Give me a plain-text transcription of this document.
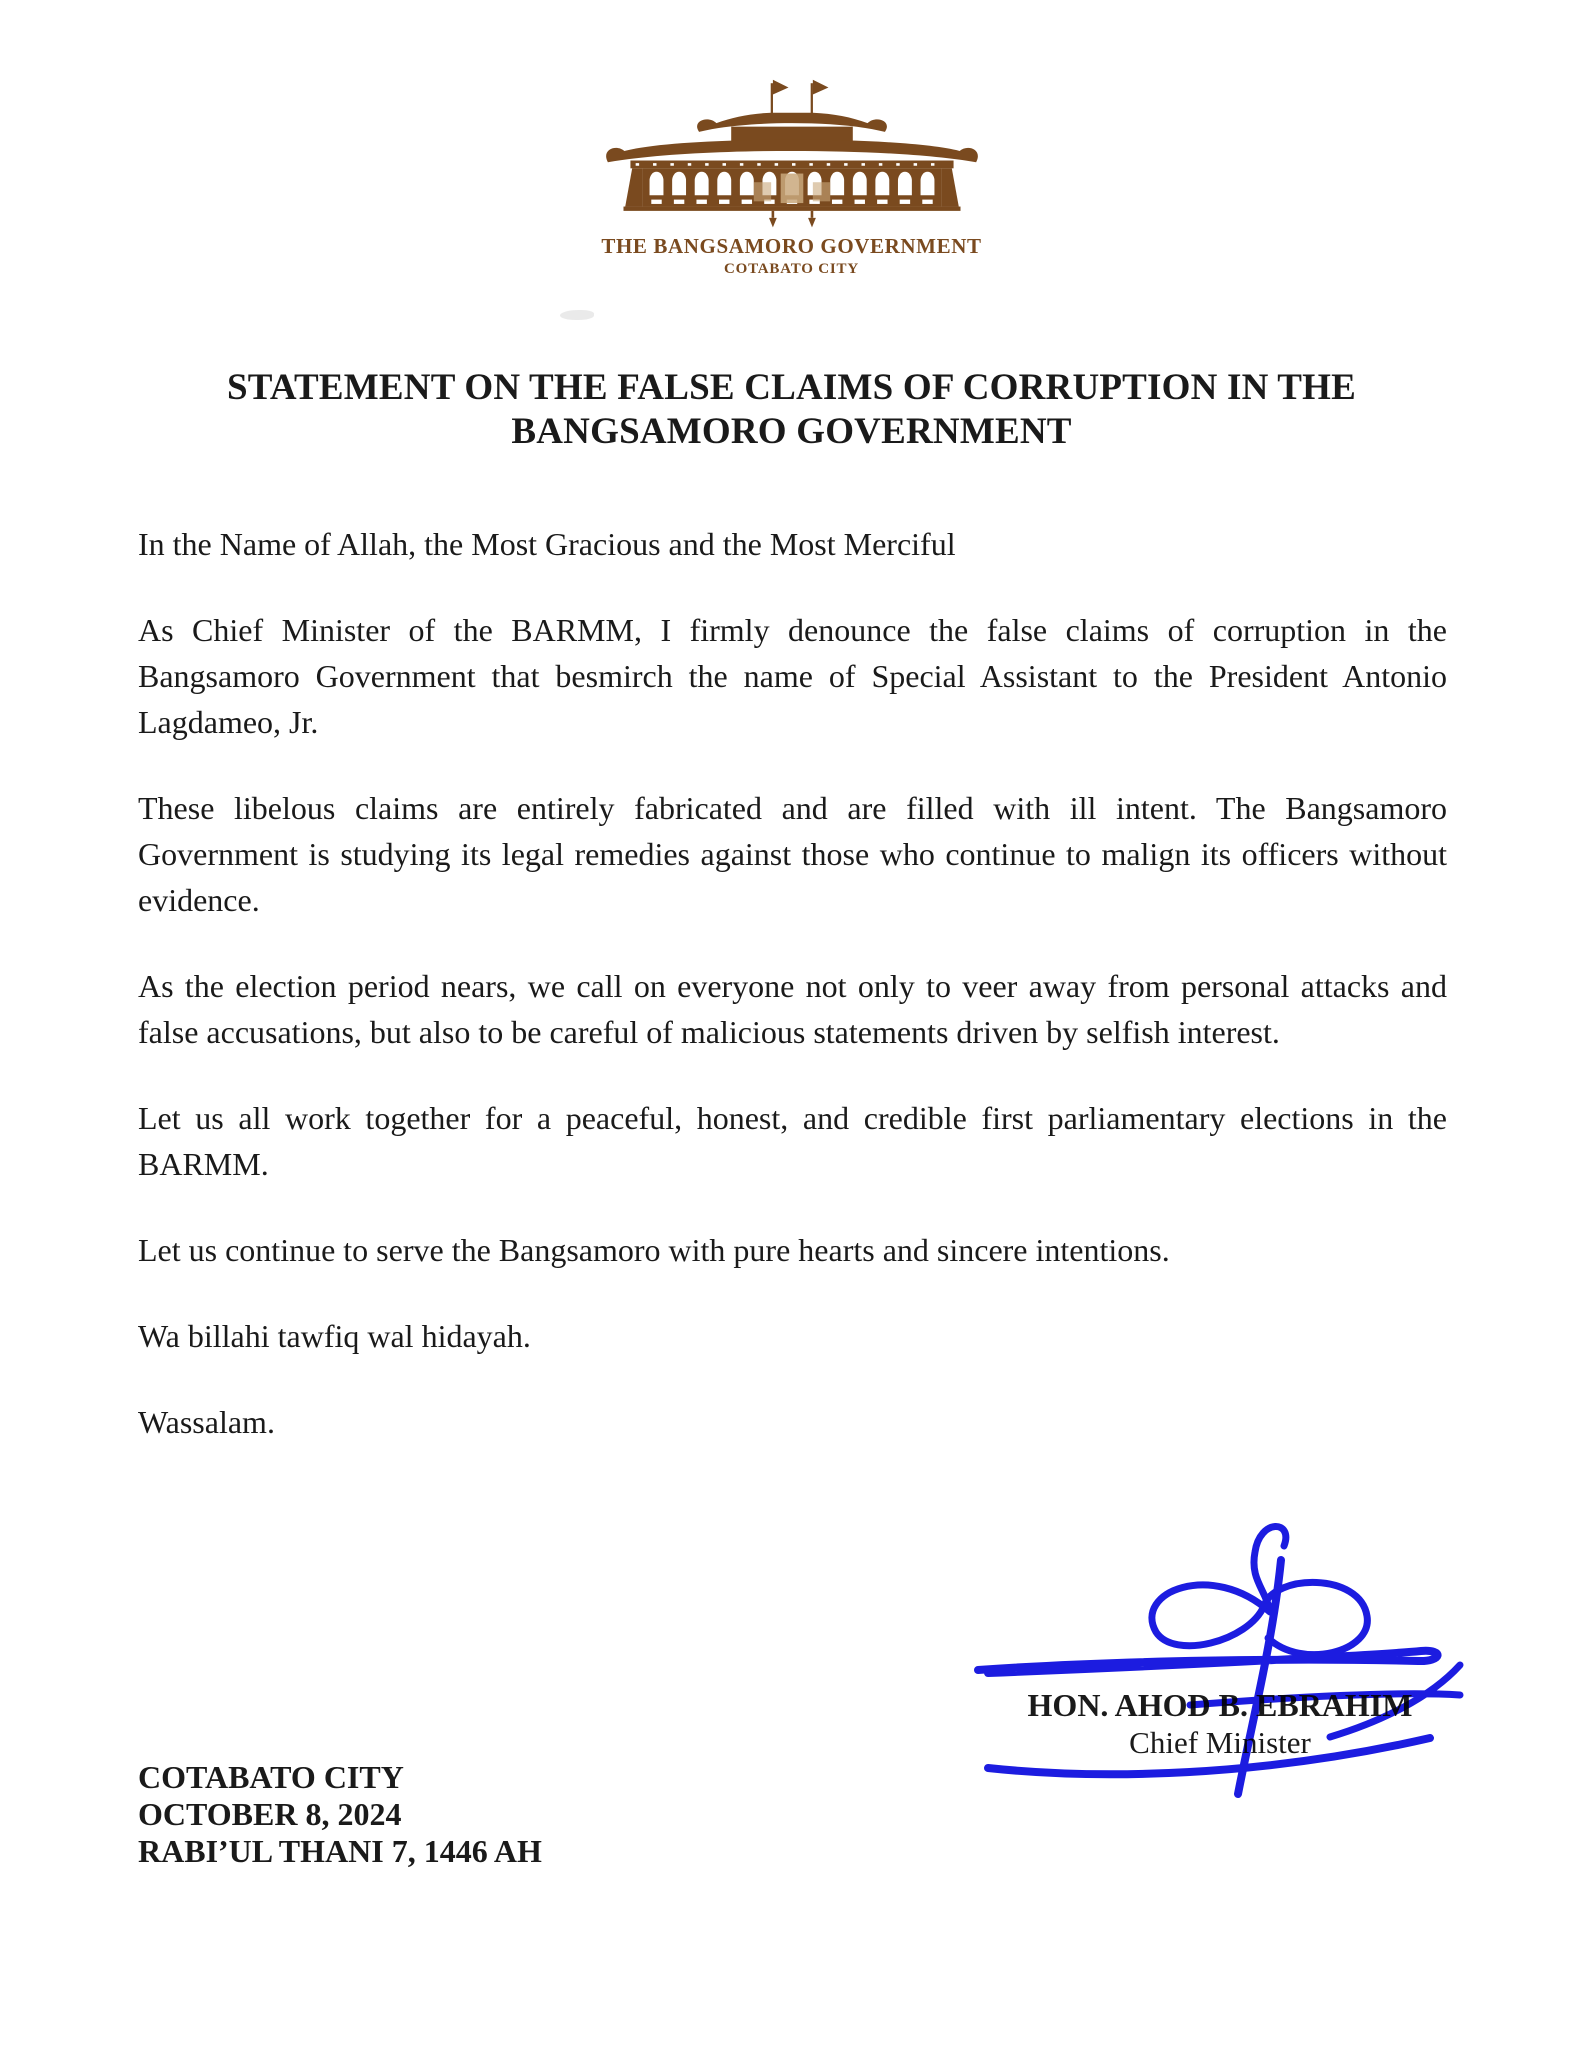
THE BANGSAMORO GOVERNMENT
COTABATO CITY
STATEMENT ON THE FALSE CLAIMS OF CORRUPTION IN THE
BANGSAMORO GOVERNMENT

In the Name of Allah, the Most Gracious and the Most Merciful

As Chief Minister of the BARMM, I firmly denounce the false claims of corruption in the Bangsamoro Government that besmirch the name of Special Assistant to the President Antonio Lagdameo, Jr.

These libelous claims are entirely fabricated and are filled with ill intent. The Bangsamoro Government is studying its legal remedies against those who continue to malign its officers without evidence.

As the election period nears, we call on everyone not only to veer away from personal attacks and false accusations, but also to be careful of malicious statements driven by selfish interest.

Let us all work together for a peaceful, honest, and credible first parliamentary elections in the BARMM.

Let us continue to serve the Bangsamoro with pure hearts and sincere intentions.

Wa billahi tawfiq wal hidayah.

Wassalam.

HON. AHOD B. EBRAHIM
Chief Minister
COTABATO CITY
OCTOBER 8, 2024
RABI’UL THANI 7, 1446 AH
